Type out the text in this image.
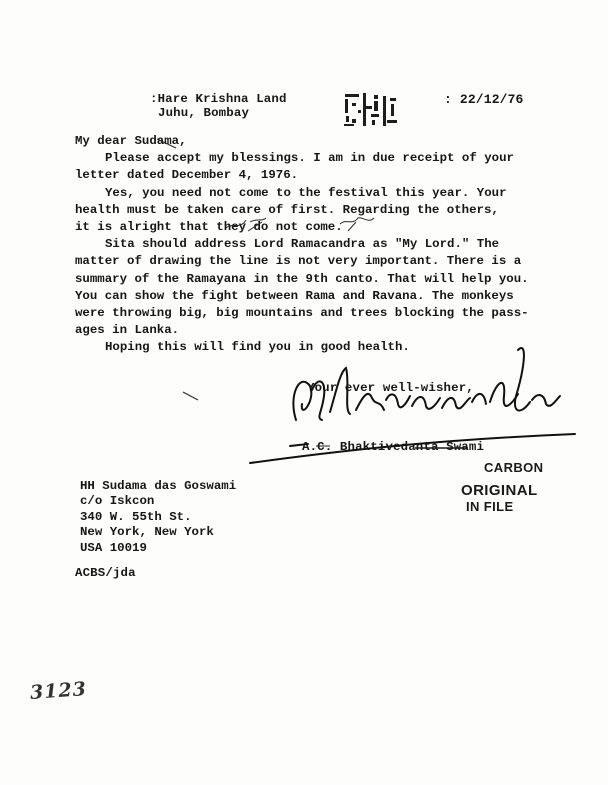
:Hare Krishna Land
Juhu, Bombay
: 22/12/76
My dear Sudama,
Please accept my blessings. I am in due receipt of your
letter dated December 4, 1976.
Yes, you need not come to the festival this year. Your
health must be taken care of first. Regarding the others,
it is alright that they do not come.
Sita should address Lord Ramacandra as "My Lord." The
matter of drawing the line is not very important. There is a
summary of the Ramayana in the 9th canto. That will help you.
You can show the fight between Rama and Ravana. The monkeys
were throwing big, big mountains and trees blocking the pass-
ages in Lanka.
Hoping this will find you in good health.
Your ever well-wisher,
A.C. Bhaktivedanta Swami
CARBON
ORIGINAL
IN FILE
HH Sudama das Goswami
c/o Iskcon
340 W. 55th St.
New York, New York
USA 10019
ACBS/jda
3123
